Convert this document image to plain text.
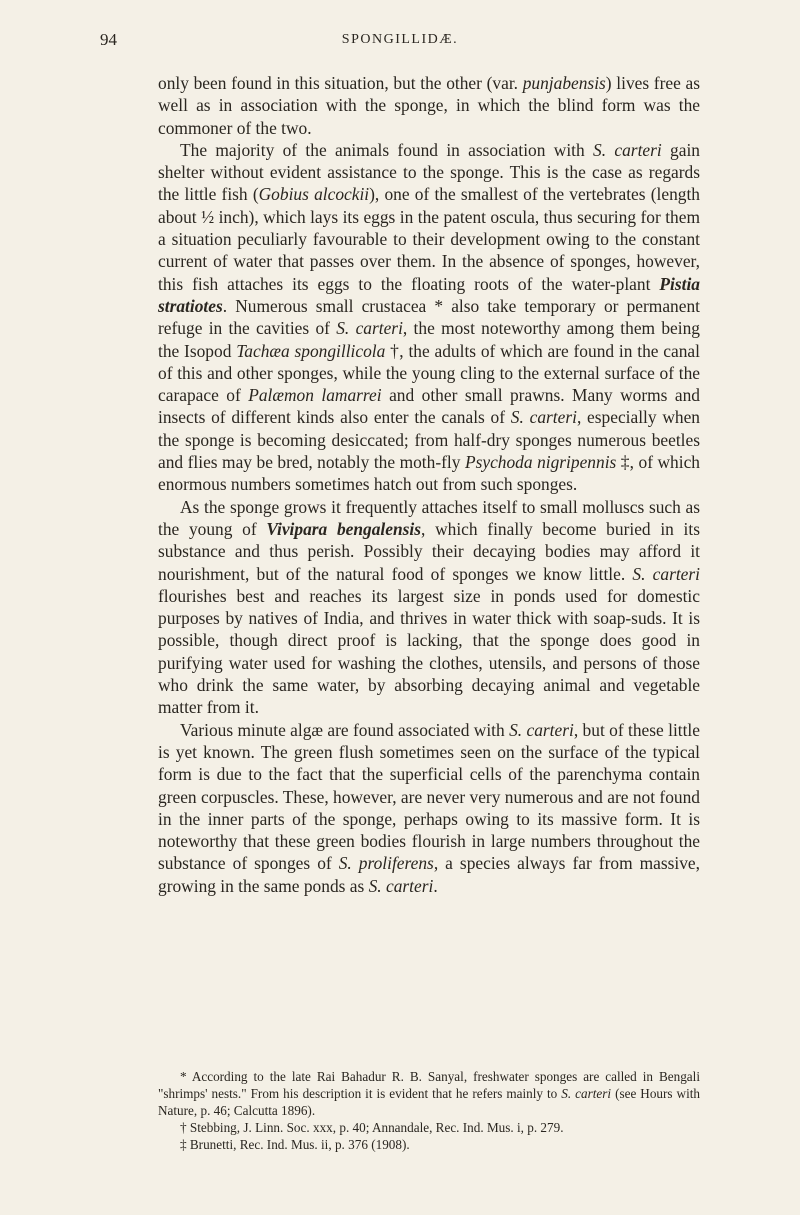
94	SPONGILLIDÆ.

only been found in this situation, but the other (var. punjabensis) lives free as well as in association with the sponge, in which the blind form was the commoner of the two.

The majority of the animals found in association with S. carteri gain shelter without evident assistance to the sponge. This is the case as regards the little fish (Gobius alcockii), one of the smallest of the vertebrates (length about ½ inch), which lays its eggs in the patent oscula, thus securing for them a situation peculiarly favourable to their development owing to the constant current of water that passes over them. In the absence of sponges, however, this fish attaches its eggs to the floating roots of the water-plant Pistia stratiotes. Numerous small crustacea * also take temporary or permanent refuge in the cavities of S. carteri, the most noteworthy among them being the Isopod Tachæa spongillicola †, the adults of which are found in the canal of this and other sponges, while the young cling to the external surface of the carapace of Palæmon lamarrei and other small prawns. Many worms and insects of different kinds also enter the canals of S. carteri, especially when the sponge is becoming desiccated; from half-dry sponges numerous beetles and flies may be bred, notably the moth-fly Psychoda nigripennis ‡, of which enormous numbers sometimes hatch out from such sponges.

As the sponge grows it frequently attaches itself to small molluscs such as the young of Vivipara bengalensis, which finally become buried in its substance and thus perish. Possibly their decaying bodies may afford it nourishment, but of the natural food of sponges we know little. S. carteri flourishes best and reaches its largest size in ponds used for domestic purposes by natives of India, and thrives in water thick with soap-suds. It is possible, though direct proof is lacking, that the sponge does good in purifying water used for washing the clothes, utensils, and persons of those who drink the same water, by absorbing decaying animal and vegetable matter from it.

Various minute algæ are found associated with S. carteri, but of these little is yet known. The green flush sometimes seen on the surface of the typical form is due to the fact that the superficial cells of the parenchyma contain green corpuscles. These, however, are never very numerous and are not found in the inner parts of the sponge, perhaps owing to its massive form. It is noteworthy that these green bodies flourish in large numbers throughout the substance of sponges of S. proliferens, a species always far from massive, growing in the same ponds as S. carteri.

* According to the late Rai Bahadur R. B. Sanyal, freshwater sponges are called in Bengali "shrimps' nests." From his description it is evident that he refers mainly to S. carteri (see Hours with Nature, p. 46; Calcutta 1896).

† Stebbing, J. Linn. Soc. xxx, p. 40; Annandale, Rec. Ind. Mus. i, p. 279.

‡ Brunetti, Rec. Ind. Mus. ii, p. 376 (1908).
